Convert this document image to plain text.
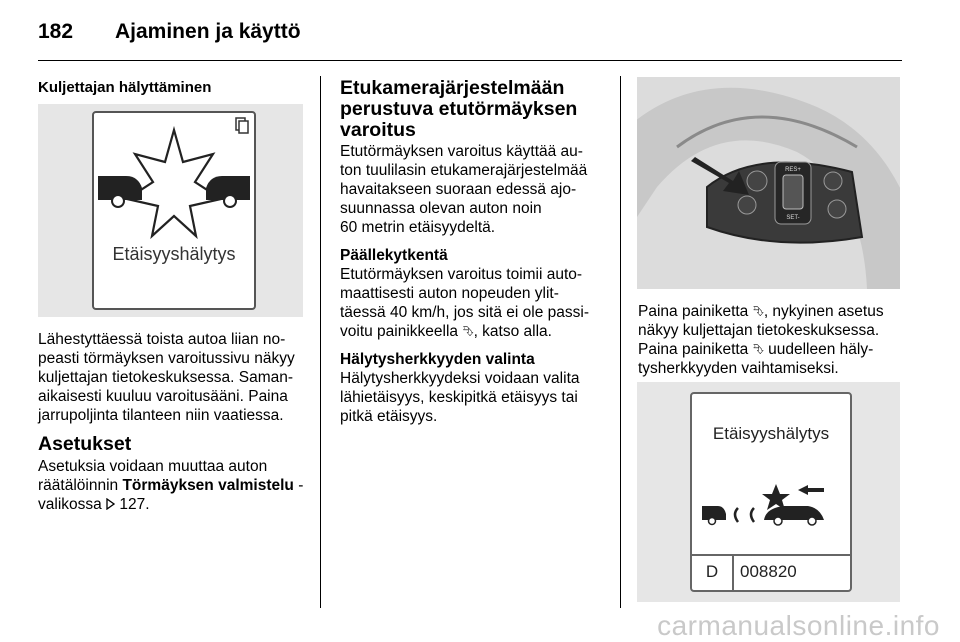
182 Ajaminen ja käyttö
Kuljettajan hälyttäminen
Etäisyyshälytys

Lähestyttäessä toista autoa liian no-

peasti törmäyksen varoitussivu näkyy

kuljettajan tietokeskuksessa. Saman-

aikaisesti kuuluu varoitusääni. Paina

jarrupoljinta tilanteen niin vaatiessa.

Asetukset

Asetuksia voidaan muuttaa auton

räätälöinnin Törmäyksen valmistelu -

valikossa  127.

Etukamerajärjestelmään
perustuva etutörmäyksen
varoitus

Etutörmäyksen varoitus käyttää au-

ton tuulilasin etukamerajärjestelmää

havaitakseen suoraan edessä ajo-

suunnassa olevan auton noin

60 metrin etäisyydeltä.

Päällekytkentä

Etutörmäyksen varoitus toimii auto-

maattisesti auton nopeuden ylit-

täessä 40 km/h, jos sitä ei ole passi-

voitu painikkeella ⮷, katso alla.

Hälytysherkkyyden valinta

Hälytysherkkyydeksi voidaan valita

lähietäisyys, keskipitkä etäisyys tai

pitkä etäisyys.

RES+
SET-

Paina painiketta ⮷, nykyinen asetus

näkyy kuljettajan tietokeskuksessa.

Paina painiketta ⮷ uudelleen häly-

tysherkkyyden vaihtamiseksi.

Etäisyyshälytys
D	008820
carmanualsonline.info
